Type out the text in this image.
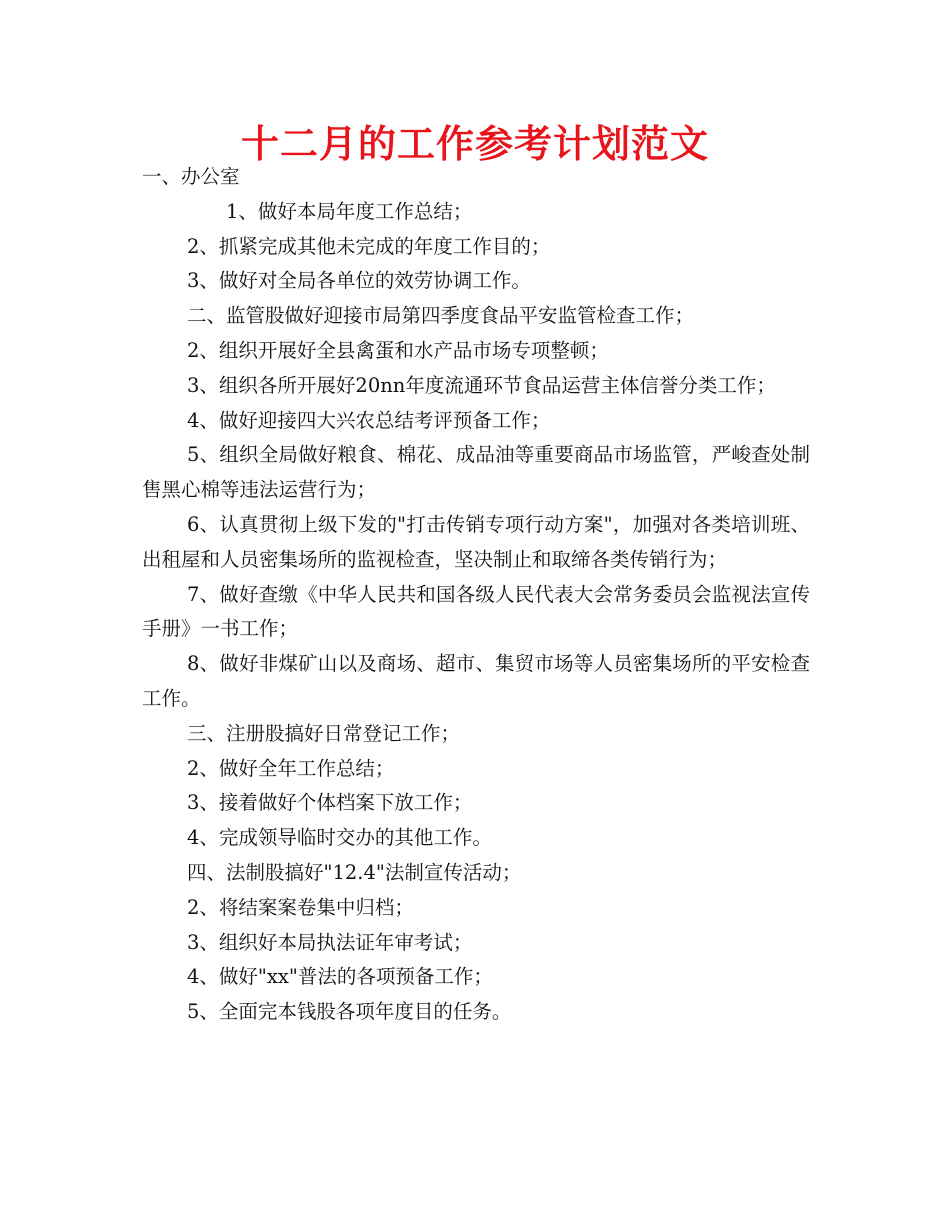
十二月的工作参考计划范文

一、办公室

1、做好本局年度工作总结；

2、抓紧完成其他未完成的年度工作目的；

3、做好对全局各单位的效劳协调工作。

二、监管股做好迎接市局第四季度食品平安监管检查工作；

2、组织开展好全县禽蛋和水产品市场专项整顿；

3、组织各所开展好20nn年度流通环节食品运营主体信誉分类工作；

4、做好迎接四大兴农总结考评预备工作；

5、组织全局做好粮食、棉花、成品油等重要商品市场监管，严峻查处制售黑心棉等违法运营行为；

6、认真贯彻上级下发的"打击传销专项行动方案"，加强对各类培训班、出租屋和人员密集场所的监视检查，坚决制止和取缔各类传销行为；

7、做好查缴《中华人民共和国各级人民代表大会常务委员会监视法宣传手册》一书工作；

8、做好非煤矿山以及商场、超市、集贸市场等人员密集场所的平安检查工作。

三、注册股搞好日常登记工作；

2、做好全年工作总结；

3、接着做好个体档案下放工作；

4、完成领导临时交办的其他工作。

四、法制股搞好"12.4"法制宣传活动；

2、将结案案卷集中归档；

3、组织好本局执法证年审考试；

4、做好"xx"普法的各项预备工作；

5、全面完本钱股各项年度目的任务。
